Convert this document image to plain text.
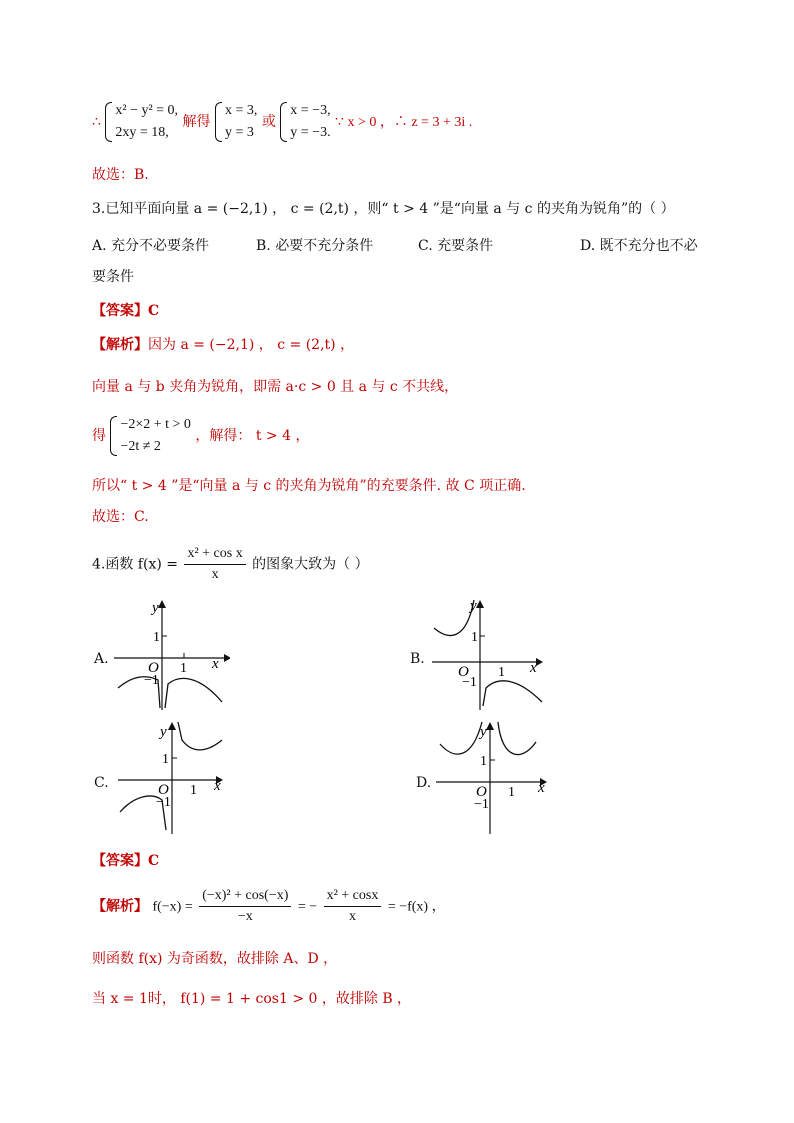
∴
x² − y² = 0,
2xy = 18,
解得
x = 3,
y = 3
或
x = −3,
y = −3.
∵ x > 0 ，∴ z = 3 + 3i .
故选：B.
3.已知平面向量 a = (−2,1) ， c = (2,t) ，则“ t > 4 ”是“向量 a 与 c 的夹角为锐角”的（ ）
A. 充分不必要条件	B. 必要不充分条件	C. 充要条件	D. 既不充分也不必
要条件
【答案】C
【解析】因为 a = (−2,1) ， c = (2,t) ，
向量 a 与 b 夹角为锐角，即需 a·c > 0 且 a 与 c 不共线，
得
−2×2 + t > 0
−2t ≠ 2
，解得： t > 4 ，
所以“ t > 4 ”是“向量 a 与 c 的夹角为锐角”的充要条件. 故 C 项正确.
故选：C.
4.函数 $f(x) = \frac{\text{x² + cos x}}{x}$ 的图象大致为（ ）
A.
y
1
O 1 x
−1
B.
y
1
O 1 x
−1
C.
y
1
O 1 x
−1
D.
y
1
O 1 x
−1
【答案】C
【解析】 $f(-x) = \frac{\text{(−x)² + cos(−x)}}{-x}$ = − $\frac{\text{x² + cosx}}{x} = -f(x)$ ，
则函数 f(x) 为奇函数，故排除 A、D ，
当 x = 1时， f(1) = 1 + cos1 > 0 ，故排除 B ，
